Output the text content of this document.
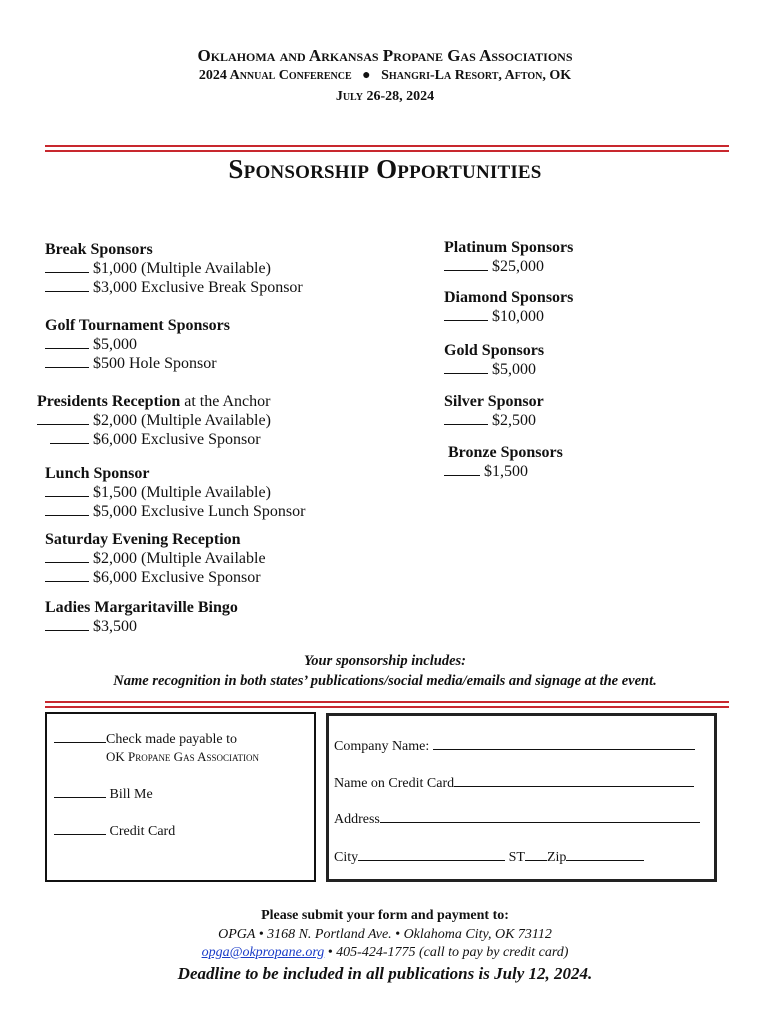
Oklahoma and Arkansas Propane Gas Associations
2024 Annual Conference ● Shangri-La Resort, Afton, OK
July 26-28, 2024
Sponsorship Opportunities
Break Sponsors
$1,000 (Multiple Available)
$3,000 Exclusive Break Sponsor
Golf Tournament Sponsors
$5,000
$500 Hole Sponsor
Presidents Reception at the Anchor
$2,000 (Multiple Available)
$6,000 Exclusive Sponsor
Lunch Sponsor
$1,500 (Multiple Available)
$5,000 Exclusive Lunch Sponsor
Saturday Evening Reception
$2,000 (Multiple Available
$6,000 Exclusive Sponsor
Ladies Margaritaville Bingo
$3,500
Platinum Sponsors
$25,000
Diamond Sponsors
$10,000
Gold Sponsors
$5,000
Silver Sponsor
$2,500
Bronze Sponsors
$1,500
Your sponsorship includes:
Name recognition in both states’ publications/social media/emails and signage at the event.
Check made payable to
OK Propane Gas Association
Bill Me
Credit Card
Company Name:
Name on Credit Card
Address
City	ST Zip
Please submit your form and payment to:
OPGA • 3168 N. Portland Ave. • Oklahoma City, OK 73112
opga@okpropane.org • 405-424-1775 (call to pay by credit card)
Deadline to be included in all publications is July 12, 2024.
